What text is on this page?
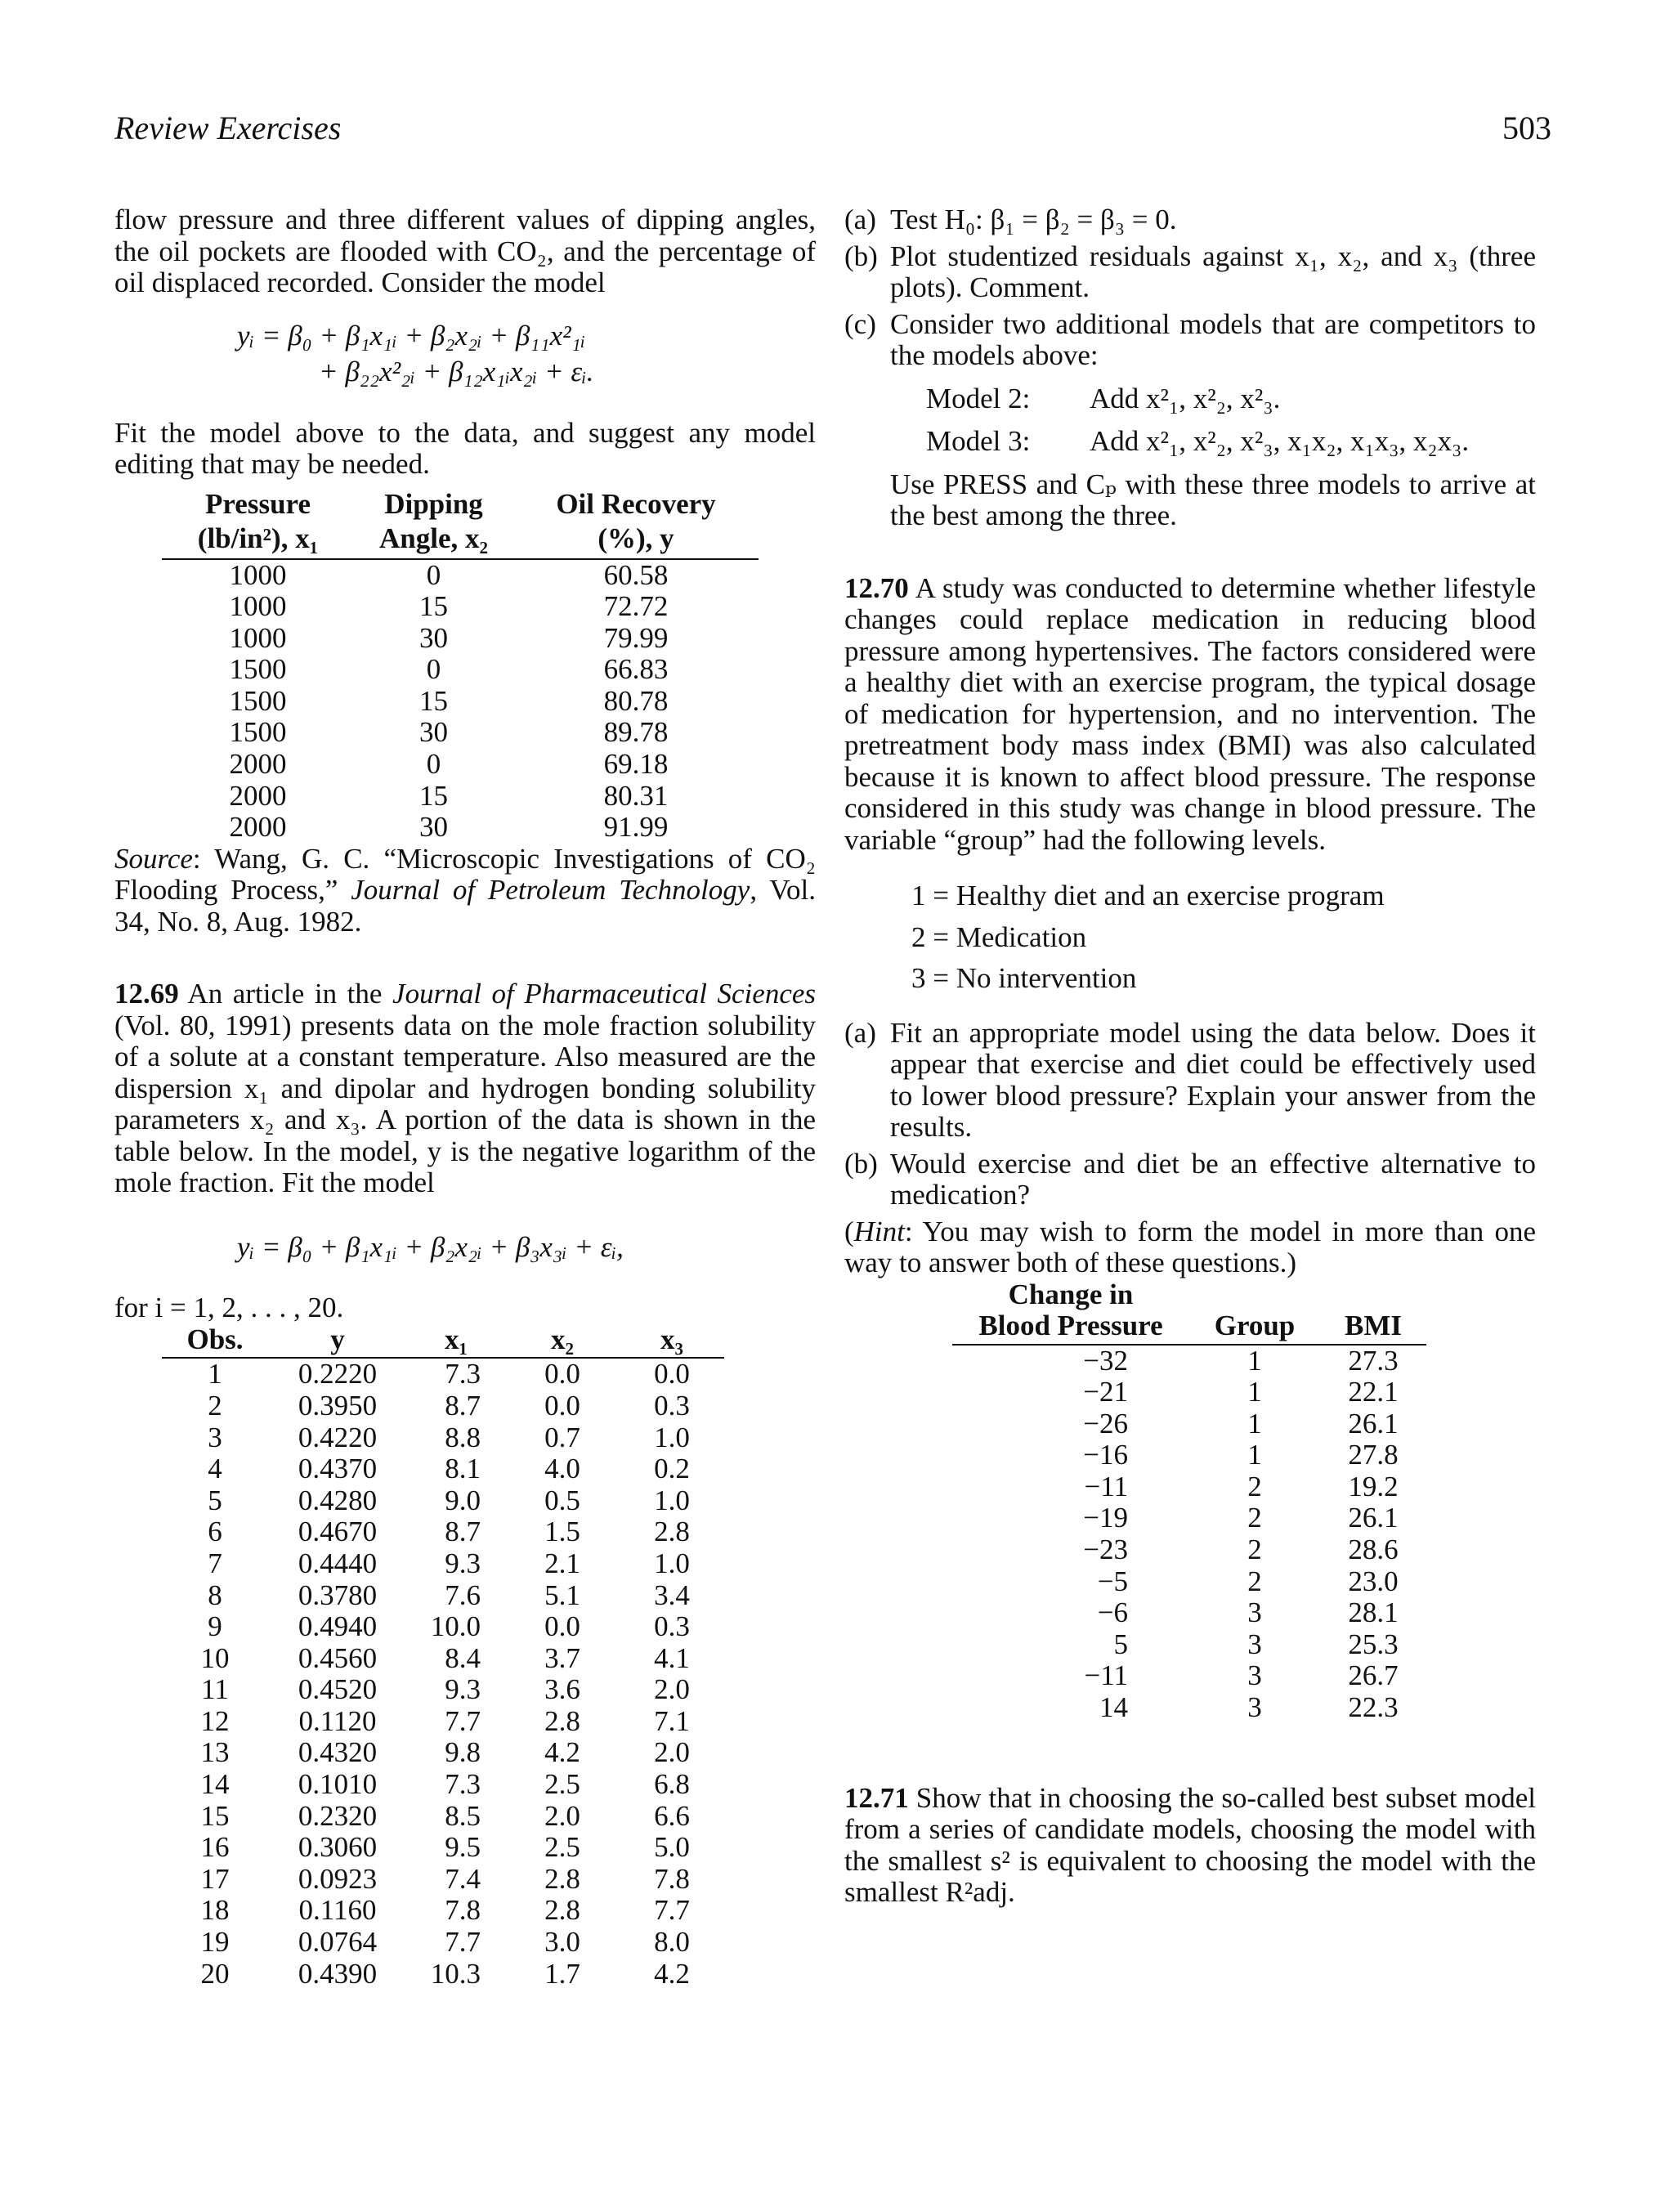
Review Exercises	503

flow pressure and three different values of dipping angles, the oil pockets are flooded with CO₂, and the percentage of oil displaced recorded. Consider the model

yᵢ = β₀ + β₁x₁ᵢ + β₂x₂ᵢ + β₁₁x²₁ᵢ
+ β₂₂x²₂ᵢ + β₁₂x₁ᵢx₂ᵢ + εᵢ.

Fit the model above to the data, and suggest any model editing that may be needed.

Pressure	Dipping	Oil Recovery
(lb/in²), x₁	Angle, x₂	(%), y
1000	0	60.58
1000	15	72.72
1000	30	79.99
1500	0	66.83
1500	15	80.78
1500	30	89.78
2000	0	69.18
2000	15	80.31
2000	30	91.99

Source: Wang, G. C. “Microscopic Investigations of CO₂ Flooding Process,” Journal of Petroleum Technology, Vol. 34, No. 8, Aug. 1982.

12.69 An article in the Journal of Pharmaceutical Sciences (Vol. 80, 1991) presents data on the mole fraction solubility of a solute at a constant temperature. Also measured are the dispersion x₁ and dipolar and hydrogen bonding solubility parameters x₂ and x₃. A portion of the data is shown in the table below. In the model, y is the negative logarithm of the mole fraction. Fit the model

yᵢ = β₀ + β₁x₁ᵢ + β₂x₂ᵢ + β₃x₃ᵢ + εᵢ,

for i = 1, 2, . . . , 20.

Obs.	y	x₁	x₂	x₃
1	0.2220	7.3	0.0	0.0
2	0.3950	8.7	0.0	0.3
3	0.4220	8.8	0.7	1.0
4	0.4370	8.1	4.0	0.2
5	0.4280	9.0	0.5	1.0
6	0.4670	8.7	1.5	2.8
7	0.4440	9.3	2.1	1.0
8	0.3780	7.6	5.1	3.4
9	0.4940	10.0	0.0	0.3
10	0.4560	8.4	3.7	4.1
11	0.4520	9.3	3.6	2.0
12	0.1120	7.7	2.8	7.1
13	0.4320	9.8	4.2	2.0
14	0.1010	7.3	2.5	6.8
15	0.2320	8.5	2.0	6.6
16	0.3060	9.5	2.5	5.0
17	0.0923	7.4	2.8	7.8
18	0.1160	7.8	2.8	7.7
19	0.0764	7.7	3.0	8.0
20	0.4390	10.3	1.7	4.2
(a) Test H₀: β₁ = β₂ = β₃ = 0.
(b) Plot studentized residuals against x₁, x₂, and x₃ (three plots). Comment.
(c) Consider two additional models that are competitors to the models above:
Model 2:	Add x²₁, x²₂, x²₃.
Model 3:	Add x²₁, x²₂, x²₃, x₁x₂, x₁x₃, x₂x₃.

Use PRESS and Cₚ with these three models to arrive at the best among the three.

12.70 A study was conducted to determine whether lifestyle changes could replace medication in reducing blood pressure among hypertensives. The factors considered were a healthy diet with an exercise program, the typical dosage of medication for hypertension, and no intervention. The pretreatment body mass index (BMI) was also calculated because it is known to affect blood pressure. The response considered in this study was change in blood pressure. The variable “group” had the following levels.

1 = Healthy diet and an exercise program
2 = Medication
3 = No intervention
(a) Fit an appropriate model using the data below. Does it appear that exercise and diet could be effectively used to lower blood pressure? Explain your answer from the results.
(b) Would exercise and diet be an effective alternative to medication?

(Hint: You may wish to form the model in more than one way to answer both of these questions.)

Change in		
Blood Pressure	Group	BMI
−32	1	27.3
−21	1	22.1
−26	1	26.1
−16	1	27.8
−11	2	19.2
−19	2	26.1
−23	2	28.6
−5	2	23.0
−6	3	28.1
5	3	25.3
−11	3	26.7
14	3	22.3

12.71 Show that in choosing the so-called best subset model from a series of candidate models, choosing the model with the smallest s² is equivalent to choosing the model with the smallest R²adj.
